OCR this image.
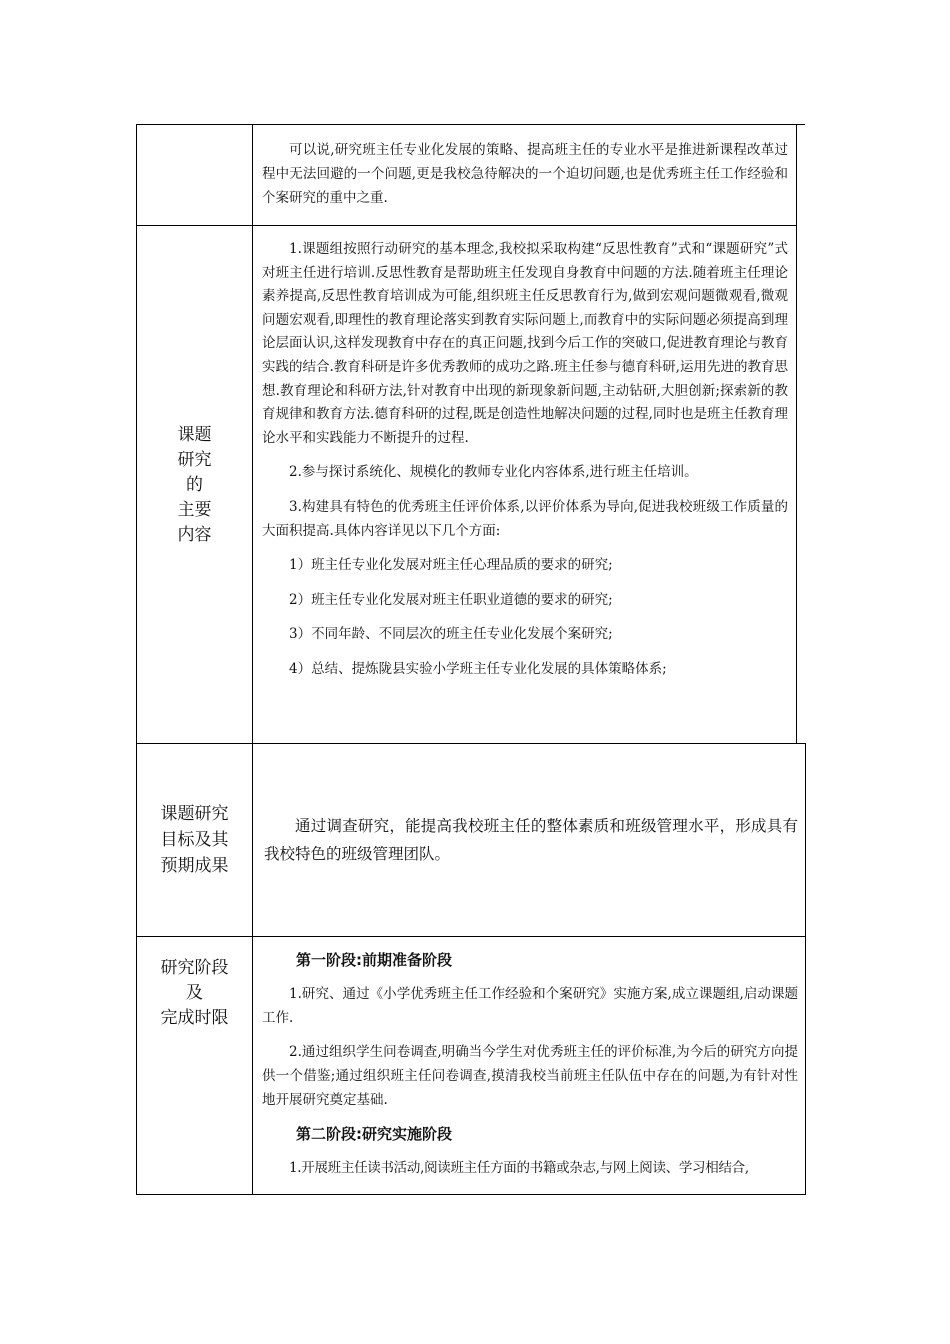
可以说,研究班主任专业化发展的策略、提高班主任的专业水平是推进新课程改革过程中无法回避的一个问题,更是我校急待解决的一个迫切问题,也是优秀班主任工作经验和个案研究的重中之重.

课题
研究
的
主要
内容

1.课题组按照行动研究的基本理念,我校拟采取构建“反思性教育”式和“课题研究”式对班主任进行培训.反思性教育是帮助班主任发现自身教育中问题的方法.随着班主任理论素养提高,反思性教育培训成为可能,组织班主任反思教育行为,做到宏观问题微观看,微观问题宏观看,即理性的教育理论落实到教育实际问题上,而教育中的实际问题必须提高到理论层面认识,这样发现教育中存在的真正问题,找到今后工作的突破口,促进教育理论与教育实践的结合.教育科研是许多优秀教师的成功之路.班主任参与德育科研,运用先进的教育思想.教育理论和科研方法,针对教育中出现的新现象新问题,主动钻研,大胆创新;探索新的教育规律和教育方法.德育科研的过程,既是创造性地解决问题的过程,同时也是班主任教育理论水平和实践能力不断提升的过程.

2.参与探讨系统化、规模化的教师专业化内容体系,进行班主任培训。

3.构建具有特色的优秀班主任评价体系,以评价体系为导向,促进我校班级工作质量的大面积提高.具体内容详见以下几个方面:

1）班主任专业化发展对班主任心理品质的要求的研究;

2）班主任专业化发展对班主任职业道德的要求的研究;

3）不同年龄、不同层次的班主任专业化发展个案研究;

4）总结、提炼陇县实验小学班主任专业化发展的具体策略体系;

课题研究
目标及其
预期成果

通过调查研究，能提高我校班主任的整体素质和班级管理水平，形成具有我校特色的班级管理团队。

研究阶段
及
完成时限

第一阶段:前期准备阶段

1.研究、通过《小学优秀班主任工作经验和个案研究》实施方案,成立课题组,启动课题工作.

2.通过组织学生问卷调查,明确当今学生对优秀班主任的评价标准,为今后的研究方向提供一个借鉴;通过组织班主任问卷调查,摸清我校当前班主任队伍中存在的问题,为有针对性地开展研究奠定基础.

第二阶段:研究实施阶段

1.开展班主任读书活动,阅读班主任方面的书籍或杂志,与网上阅读、学习相结合,
